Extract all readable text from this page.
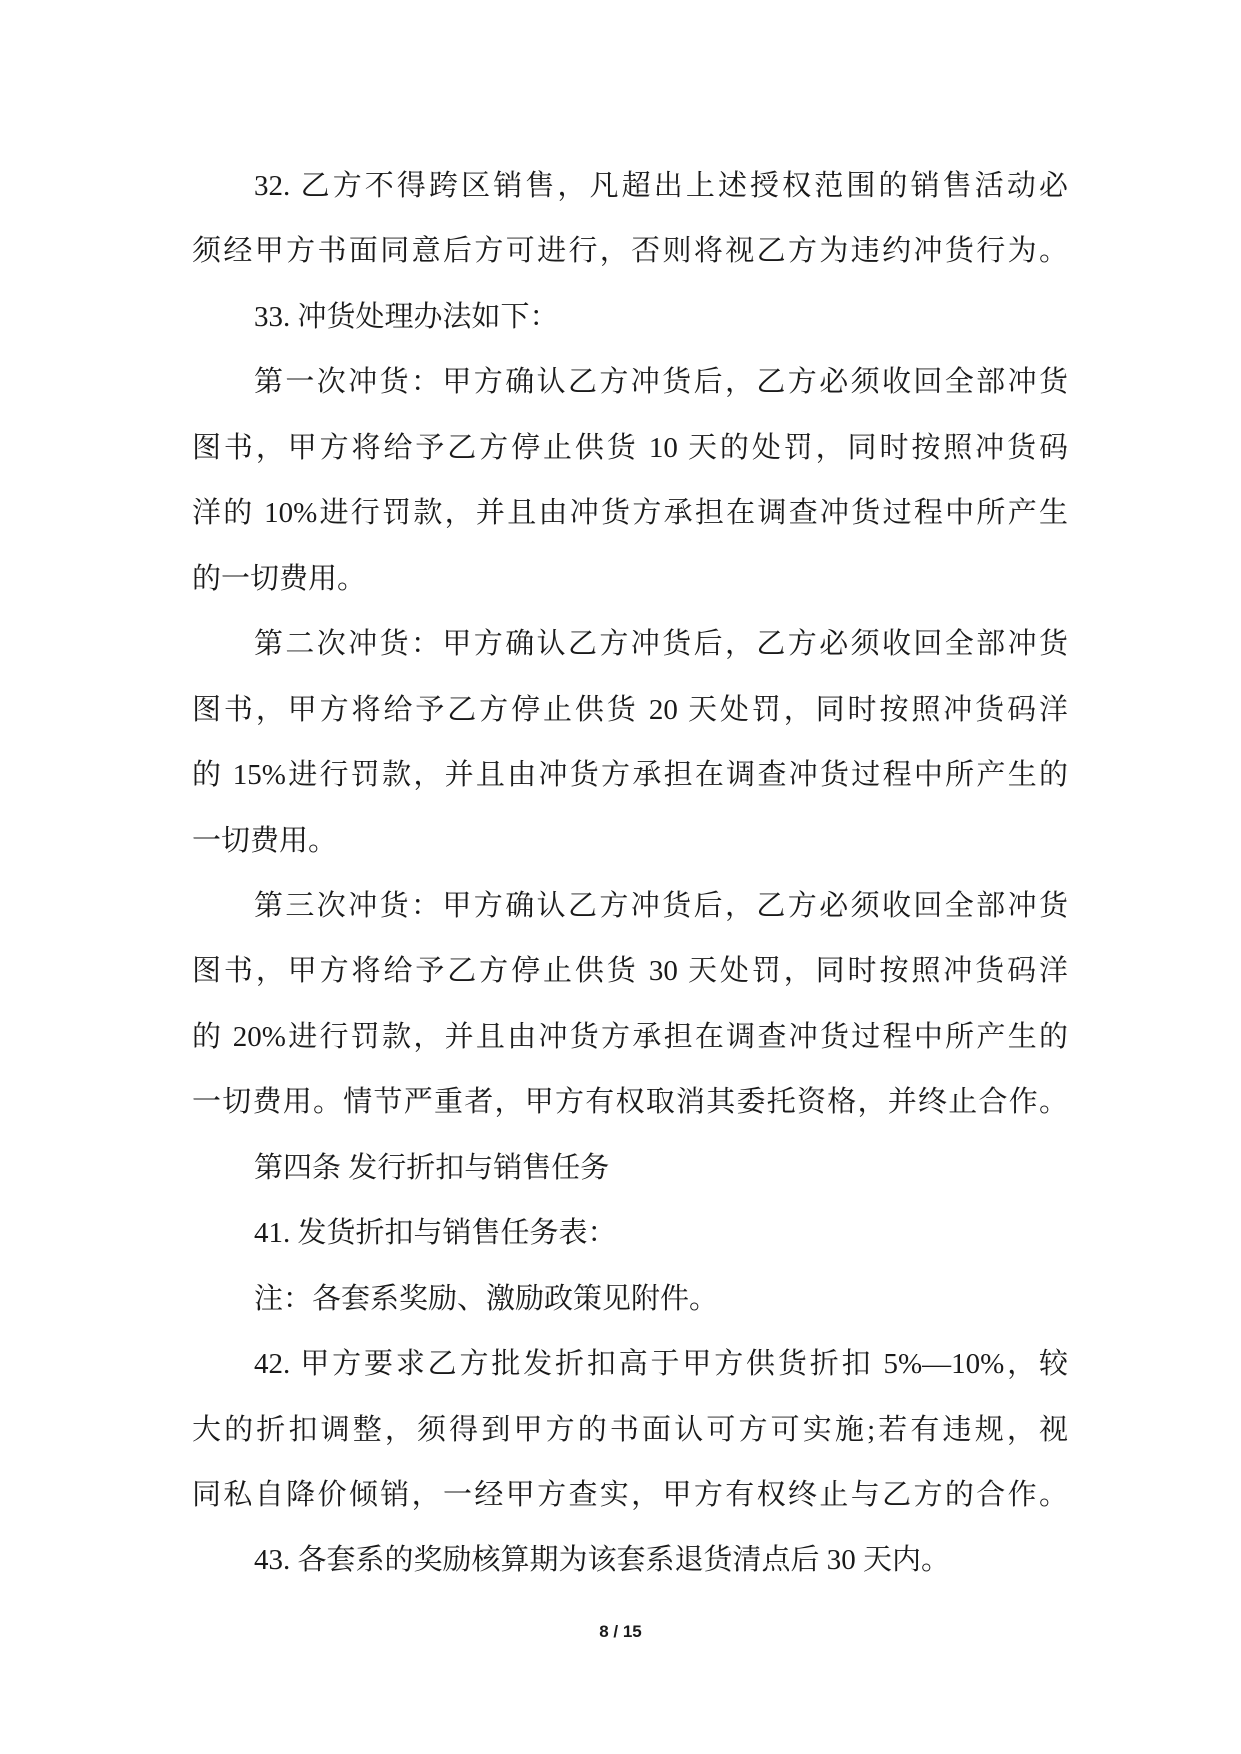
32. 乙方不得跨区销售，凡超出上述授权范围的销售活动必
须经甲方书面同意后方可进行，否则将视乙方为违约冲货行为。
33. 冲货处理办法如下：
第一次冲货：甲方确认乙方冲货后，乙方必须收回全部冲货
图书，甲方将给予乙方停止供货 10 天的处罚，同时按照冲货码
洋的 10%进行罚款，并且由冲货方承担在调查冲货过程中所产生
的一切费用。
第二次冲货：甲方确认乙方冲货后，乙方必须收回全部冲货
图书，甲方将给予乙方停止供货 20 天处罚，同时按照冲货码洋
的 15%进行罚款，并且由冲货方承担在调查冲货过程中所产生的
一切费用。
第三次冲货：甲方确认乙方冲货后，乙方必须收回全部冲货
图书，甲方将给予乙方停止供货 30 天处罚，同时按照冲货码洋
的 20%进行罚款，并且由冲货方承担在调查冲货过程中所产生的
一切费用。情节严重者，甲方有权取消其委托资格，并终止合作。
第四条 发行折扣与销售任务
41. 发货折扣与销售任务表：
注：各套系奖励、激励政策见附件。
42. 甲方要求乙方批发折扣高于甲方供货折扣 5%—10%，较
大的折扣调整，须得到甲方的书面认可方可实施;若有违规，视
同私自降价倾销，一经甲方查实，甲方有权终止与乙方的合作。
43. 各套系的奖励核算期为该套系退货清点后 30 天内。
8 / 15
